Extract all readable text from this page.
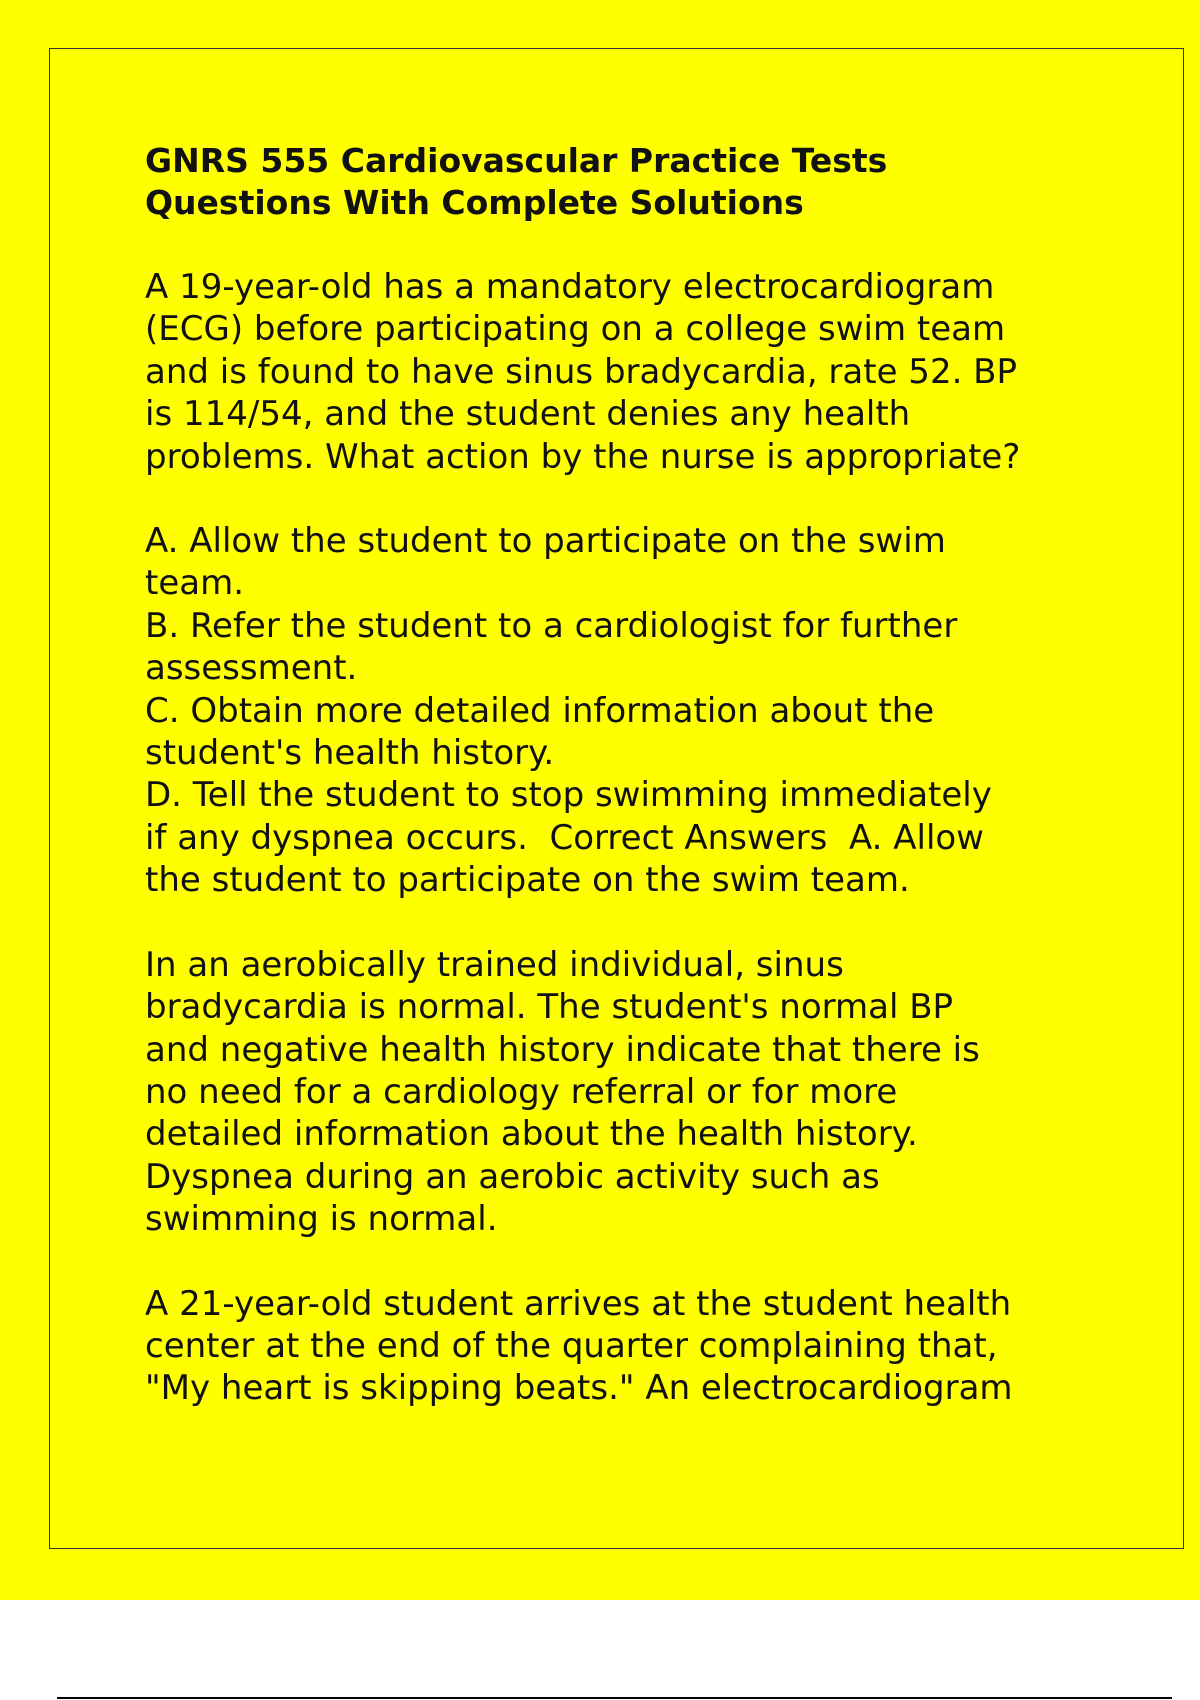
GNRS 555 Cardiovascular Practice Tests
Questions With Complete Solutions

A 19-year-old has a mandatory electrocardiogram
(ECG) before participating on a college swim team
and is found to have sinus bradycardia, rate 52. BP
is 114/54, and the student denies any health
problems. What action by the nurse is appropriate?

A. Allow the student to participate on the swim
team.
B. Refer the student to a cardiologist for further
assessment.
C. Obtain more detailed information about the
student's health history.
D. Tell the student to stop swimming immediately
if any dyspnea occurs.  Correct Answers  A. Allow
the student to participate on the swim team.

In an aerobically trained individual, sinus
bradycardia is normal. The student's normal BP
and negative health history indicate that there is
no need for a cardiology referral or for more
detailed information about the health history.
Dyspnea during an aerobic activity such as
swimming is normal.

A 21-year-old student arrives at the student health
center at the end of the quarter complaining that,
"My heart is skipping beats." An electrocardiogram
